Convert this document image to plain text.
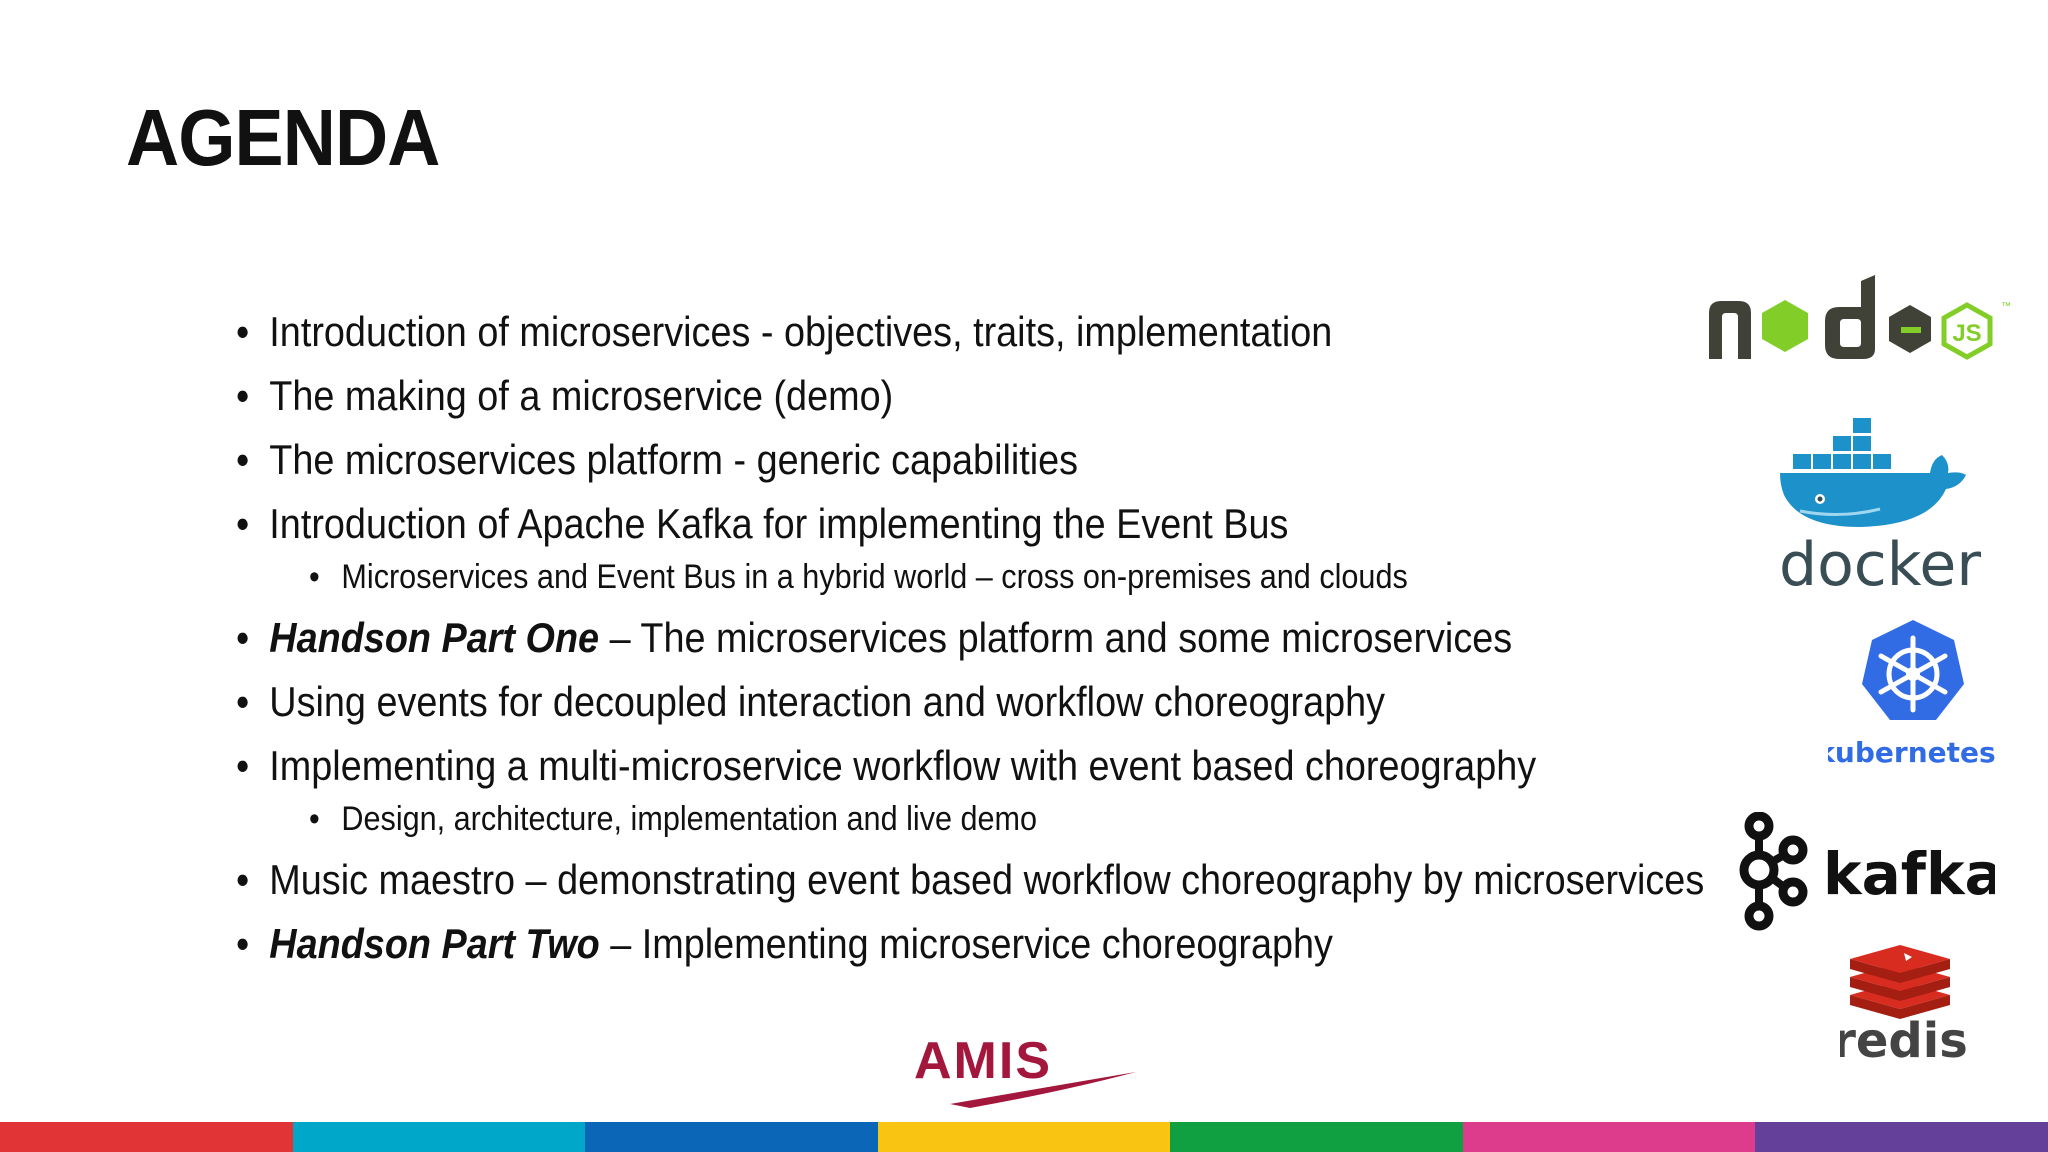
AGENDA
• Introduction of microservices - objectives, traits, implementation
• The making of a microservice (demo)
• The microservices platform - generic capabilities
• Introduction of Apache Kafka for implementing the Event Bus
• Microservices and Event Bus in a hybrid world – cross on-premises and clouds
• Handson Part One – The microservices platform and some microservices
• Using events for decoupled interaction and workflow choreography
• Implementing a multi-microservice workflow with event based choreography
• Design, architecture, implementation and live demo
• Music maestro – demonstrating event based workflow choreography by microservices
• Handson Part Two – Implementing microservice choreography
JS
™
docker
kubernetes
kafka
redis
AMIS
